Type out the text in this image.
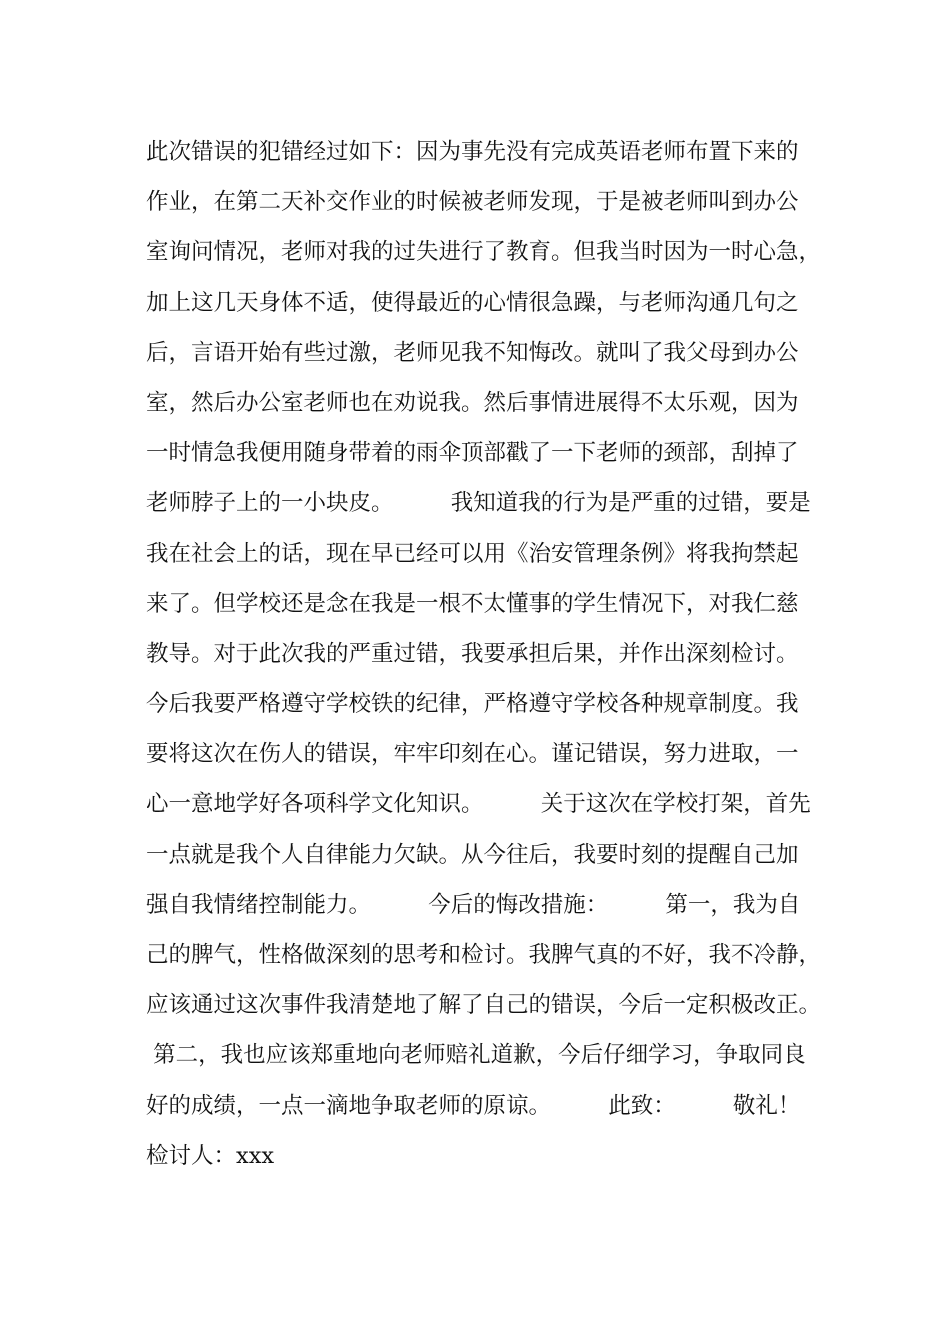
此次错误的犯错经过如下：因为事先没有完成英语老师布置下来的
作业，在第二天补交作业的时候被老师发现，于是被老师叫到办公
室询问情况，老师对我的过失进行了教育。但我当时因为一时心急，
加上这几天身体不适，使得最近的心情很急躁，与老师沟通几句之
后，言语开始有些过激，老师见我不知悔改。就叫了我父母到办公
室，然后办公室老师也在劝说我。然后事情进展得不太乐观，因为
一时情急我便用随身带着的雨伞顶部戳了一下老师的颈部，刮掉了
老师脖子上的一小块皮。        我知道我的行为是严重的过错，要是
我在社会上的话，现在早已经可以用《治安管理条例》将我拘禁起
来了。但学校还是念在我是一根不太懂事的学生情况下，对我仁慈
教导。对于此次我的严重过错，我要承担后果，并作出深刻检讨。
今后我要严格遵守学校铁的纪律，严格遵守学校各种规章制度。我
要将这次在伤人的错误，牢牢印刻在心。谨记错误，努力进取，一
心一意地学好各项科学文化知识。        关于这次在学校打架，首先
一点就是我个人自律能力欠缺。从今往后，我要时刻的提醒自己加
强自我情绪控制能力。        今后的悔改措施：        第一，我为自
己的脾气，性格做深刻的思考和检讨。我脾气真的不好，我不冷静，
应该通过这次事件我清楚地了解了自己的错误，今后一定积极改正。
第二，我也应该郑重地向老师赔礼道歉，今后仔细学习，争取同良
好的成绩，一点一滴地争取老师的原谅。        此致：        敬礼！
检讨人：xxx
